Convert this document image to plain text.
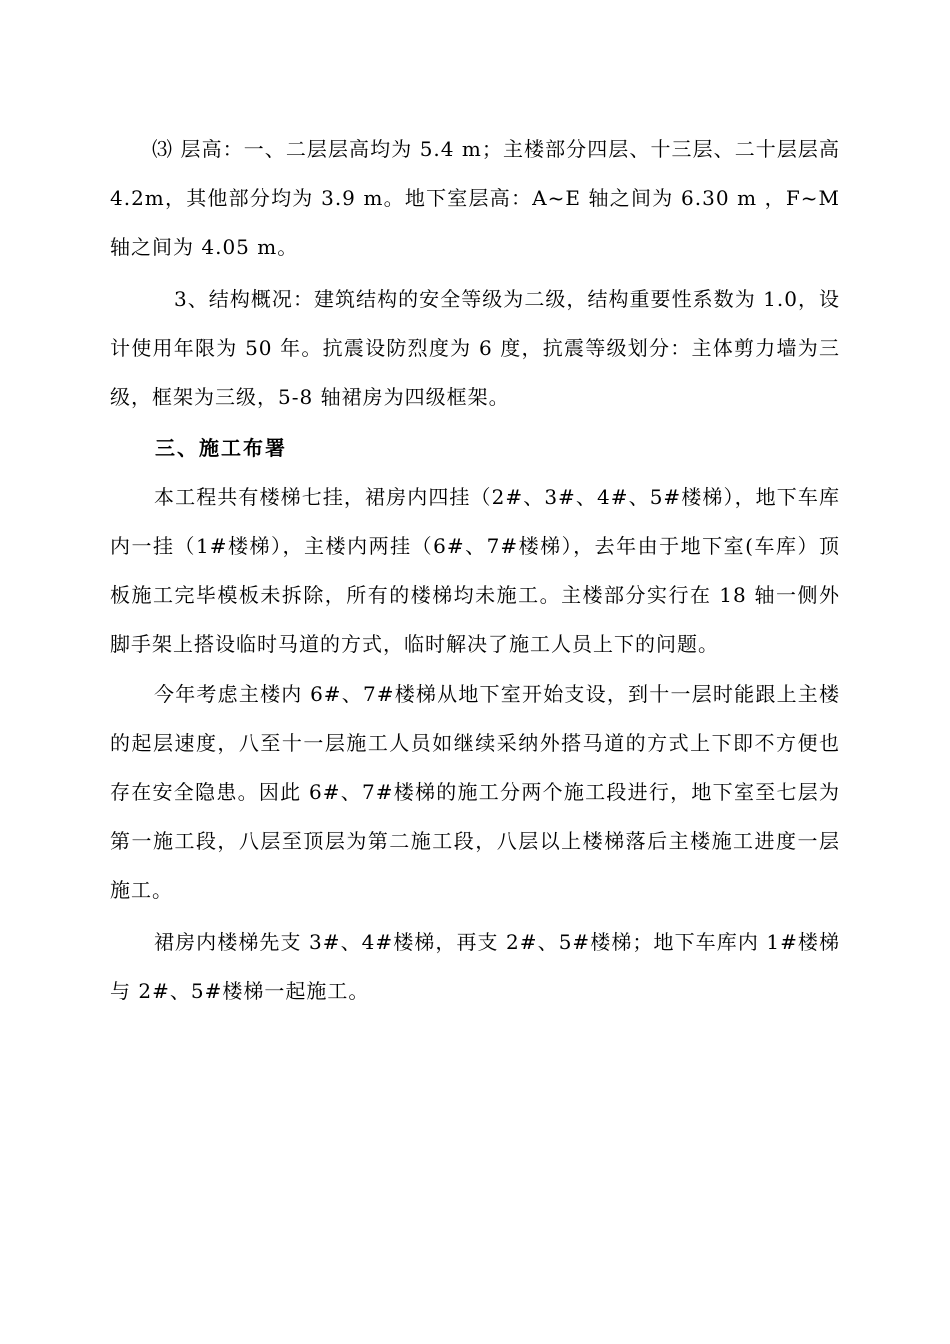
⑶ 层高：一、二层层高均为 5.4 m；主楼部分四层、十三层、二十层层高 4.2m，其他部分均为 3.9 m。地下室层高：A~E 轴之间为 6.30 m ，F~M 轴之间为 4.05 m。

3、结构概况：建筑结构的安全等级为二级，结构重要性系数为 1.0，设计使用年限为 50 年。抗震设防烈度为 6 度，抗震等级划分：主体剪力墙为三级，框架为三级，5-8 轴裙房为四级框架。

三、施工布署

本工程共有楼梯七挂，裙房内四挂（2#、3#、4#、5#楼梯），地下车库内一挂（1#楼梯），主楼内两挂（6#、7#楼梯），去年由于地下室(车库）顶板施工完毕模板未拆除，所有的楼梯均未施工。主楼部分实行在 18 轴一侧外脚手架上搭设临时马道的方式，临时解决了施工人员上下的问题。

今年考虑主楼内 6#、7#楼梯从地下室开始支设，到十一层时能跟上主楼的起层速度，八至十一层施工人员如继续采纳外搭马道的方式上下即不方便也存在安全隐患。因此 6#、7#楼梯的施工分两个施工段进行，地下室至七层为第一施工段，八层至顶层为第二施工段，八层以上楼梯落后主楼施工进度一层施工。

裙房内楼梯先支 3#、4#楼梯，再支 2#、5#楼梯；地下车库内 1#楼梯与 2#、5#楼梯一起施工。
